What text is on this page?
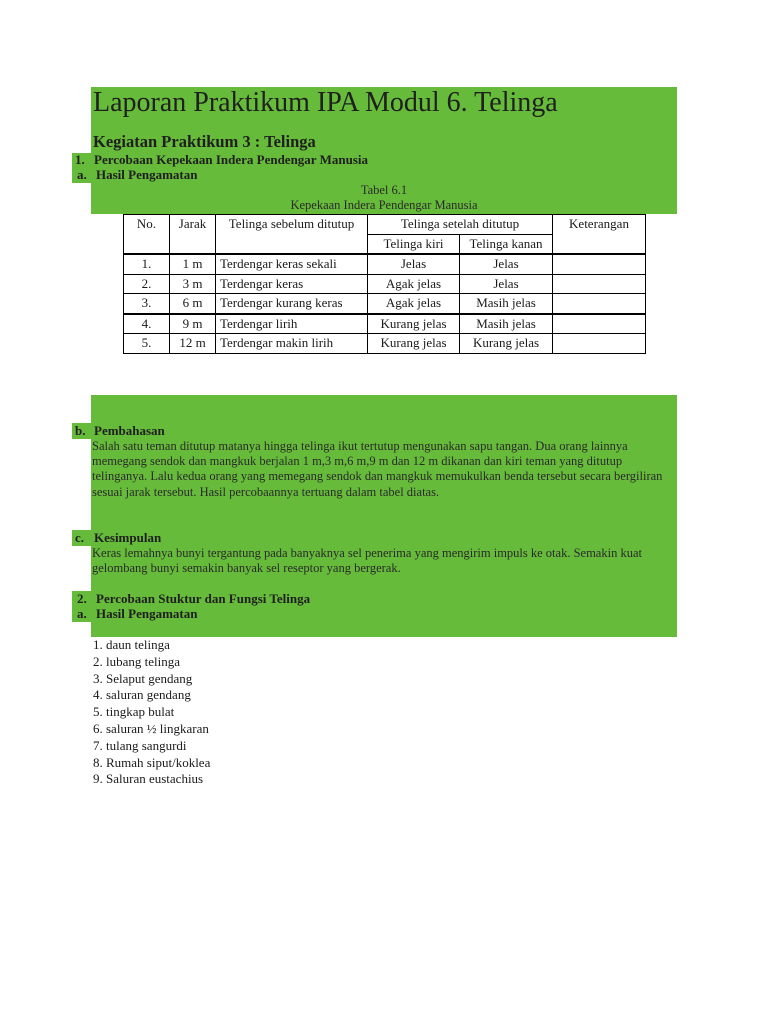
Laporan Praktikum IPA Modul 6. Telinga
Kegiatan Praktikum 3 : Telinga
1. Percobaan Kepekaan Indera Pendengar Manusia
a. Hasil Pengamatan
Tabel 6.1
Kepekaan Indera Pendengar Manusia
No.	Jarak	Telinga sebelum ditutup	Telinga setelah ditutup		Keterangan
			Telinga kiri	Telinga kanan	
1.	1 m	Terdengar keras sekali	Jelas	Jelas	
2.	3 m	Terdengar keras	Agak jelas	Jelas	
3.	6 m	Terdengar kurang keras	Agak jelas	Masih jelas	
4.	9 m	Terdengar lirih	Kurang jelas	Masih jelas	
5.	12 m	Terdengar makin lirih	Kurang jelas	Kurang jelas	
b. Pembahasan
Salah satu teman ditutup matanya hingga telinga ikut tertutup mengunakan sapu tangan. Dua orang lainnya memegang sendok dan mangkuk berjalan 1 m,3 m,6 m,9 m dan 12 m dikanan dan kiri teman yang ditutup telinganya. Lalu kedua orang yang memegang sendok dan mangkuk memukulkan benda tersebut secara bergiliran sesuai jarak tersebut. Hasil percobaannya tertuang dalam tabel diatas.
c. Kesimpulan
Keras lemahnya bunyi tergantung pada banyaknya sel penerima yang mengirim impuls ke otak. Semakin kuat gelombang bunyi semakin banyak sel reseptor yang bergerak.
2. Percobaan Stuktur dan Fungsi Telinga
a. Hasil Pengamatan
1. daun telinga
2. lubang telinga
3. Selaput gendang
4. saluran gendang
5. tingkap bulat
6. saluran ½ lingkaran
7. tulang sangurdi
8. Rumah siput/koklea
9. Saluran eustachius
